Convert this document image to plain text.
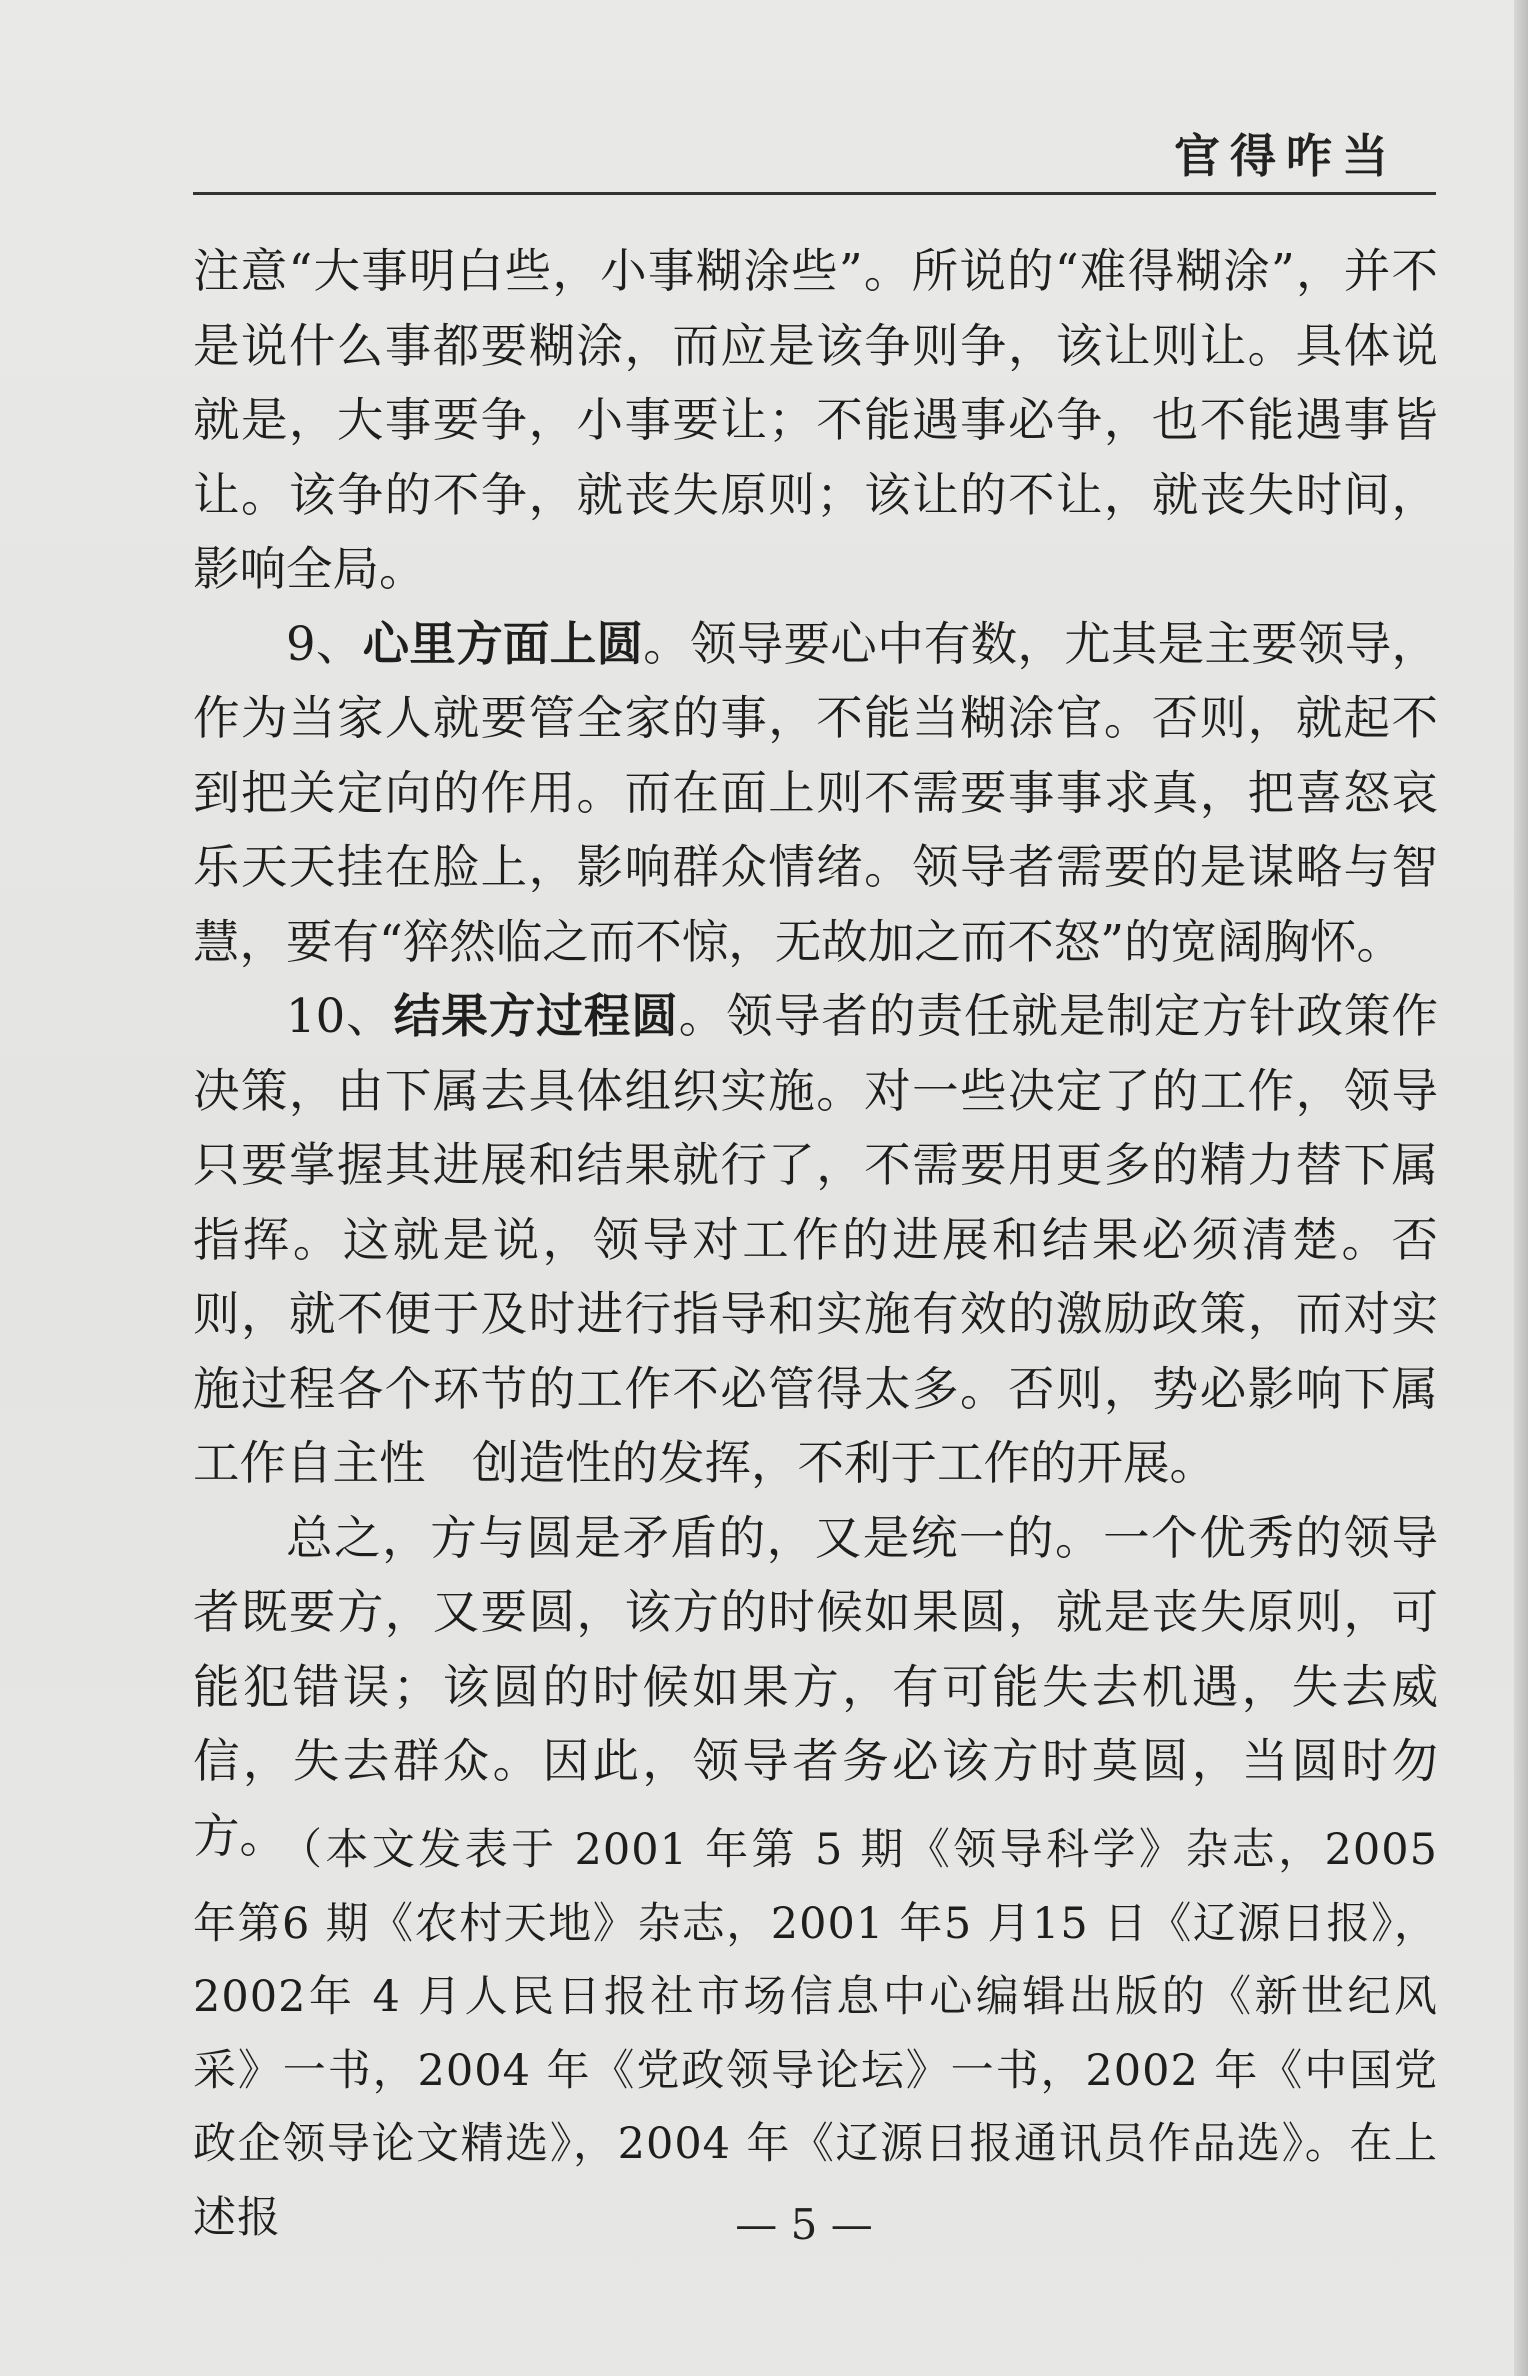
官得咋当

注意“大事明白些，小事糊涂些”。所说的“难得糊涂”，并不是说什么事都要糊涂，而应是该争则争，该让则让。具体说就是，大事要争，小事要让；不能遇事必争，也不能遇事皆让。该争的不争，就丧失原则；该让的不让，就丧失时间，影响全局。

9、心里方面上圆。领导要心中有数，尤其是主要领导，作为当家人就要管全家的事，不能当糊涂官。否则，就起不到把关定向的作用。而在面上则不需要事事求真，把喜怒哀乐天天挂在脸上，影响群众情绪。领导者需要的是谋略与智慧，要有“猝然临之而不惊，无故加之而不怒”的宽阔胸怀。

10、结果方过程圆。领导者的责任就是制定方针政策作决策，由下属去具体组织实施。对一些决定了的工作，领导只要掌握其进展和结果就行了，不需要用更多的精力替下属指挥。这就是说，领导对工作的进展和结果必须清楚。否则，就不便于及时进行指导和实施有效的激励政策，而对实施过程各个环节的工作不必管得太多。否则，势必影响下属工作自主性　创造性的发挥，不利于工作的开展。

总之，方与圆是矛盾的，又是统一的。一个优秀的领导者既要方，又要圆，该方的时候如果圆，就是丧失原则，可能犯错误；该圆的时候如果方，有可能失去机遇，失去威信，失去群众。因此，领导者务必该方时莫圆，当圆时勿方。

（本文发表于 2001 年第 5 期《领导科学》杂志，2005 年第6 期《农村天地》杂志，2001 年5 月15 日《辽源日报》，2002年 4 月人民日报社市场信息中心编辑出版的《新世纪风采》一书，2004 年《党政领导论坛》一书，2002 年《中国党政企领导论文精选》，2004 年《辽源日报通讯员作品选》。在上述报	— 5 —
